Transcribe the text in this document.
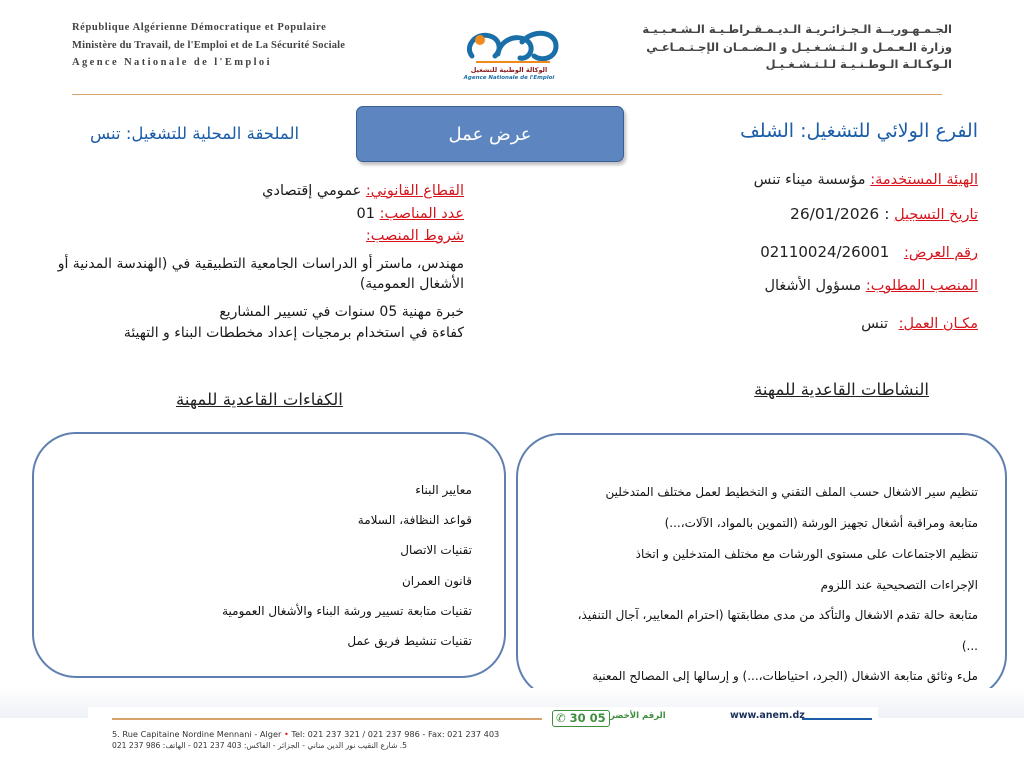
République Algérienne Démocratique et Populaire
Ministère du Travail, de l'Emploi et de La Sécurité Sociale
Agence Nationale de l'Emploi
الجـمـهـوريــة الـجـزائـريـة الـديـمـقـراطـيـة الـشـعـبـيـة
وزارة الـعـمـل و الـتـشـغـيـل و الـضـمـان الإجـتـمـاعـي
الـوكـالـة الـوطـنـيـة لـلـتـشـغـيـل
الوكالة الوطنية للتشغيل
Agence Nationale de l'Emploi
الفرع الولائي للتشغيل: الشلف
عرض عمل
الملحقة المحلية للتشغيل: تنس
الهيئة المستخدمة: مؤسسة ميناء تنس
تاريخ التسجيل : 26/01/2026
رقم العرض: 02110024/26001
المنصب المطلوب: مسؤول الأشغال
مكـان العمل: تنس
القطاع القانوني: عمومي إقتصادي
عدد المناصب: 01
شروط المنصب:
مهندس، ماستر أو الدراسات الجامعية التطبيقية في (الهندسة المدنية أو الأشغال العمومية)
خبرة مهنية 05 سنوات في تسيير المشاريع
كفاءة في استخدام برمجيات إعداد مخططات البناء و التهيئة
النشاطات القاعدية للمهنة
الكفاءات القاعدية للمهنة
معايير البناء
قواعد النظافة، السلامة
تقنيات الاتصال
قانون العمران
تقنيات متابعة تسيير ورشة البناء والأشغال العمومية
تقنيات تنشيط فريق عمل
تنظيم سير الاشغال حسب الملف التقني و التخطيط لعمل مختلف المتدخلين
متابعة ومراقبة أشغال تجهيز الورشة (التموين بالمواد، الآلات،...)
تنظيم الاجتماعات على مستوى الورشات مع مختلف المتدخلين و اتخاذ
الإجراءات التصحيحية عند اللزوم
متابعة حالة تقدم الاشغال والتأكد من مدى مطابقتها (احترام المعايير، آجال التنفيذ،
...)
ملء وثائق متابعة الاشغال (الجرد، احتياطات،...) و إرسالها إلى المصالح المعنية
✆ 30 05 الرقم الأخضر	www.anem.dz
5. Rue Capitaine Nordine Mennani - Alger • Tel: 021 237 321 / 021 237 986 - Fax: 021 237 403
5. شارع النقيب نور الدين مناني - الجزائر - الفاكس: 403 237 021 - الهاتف: 986 237 021
